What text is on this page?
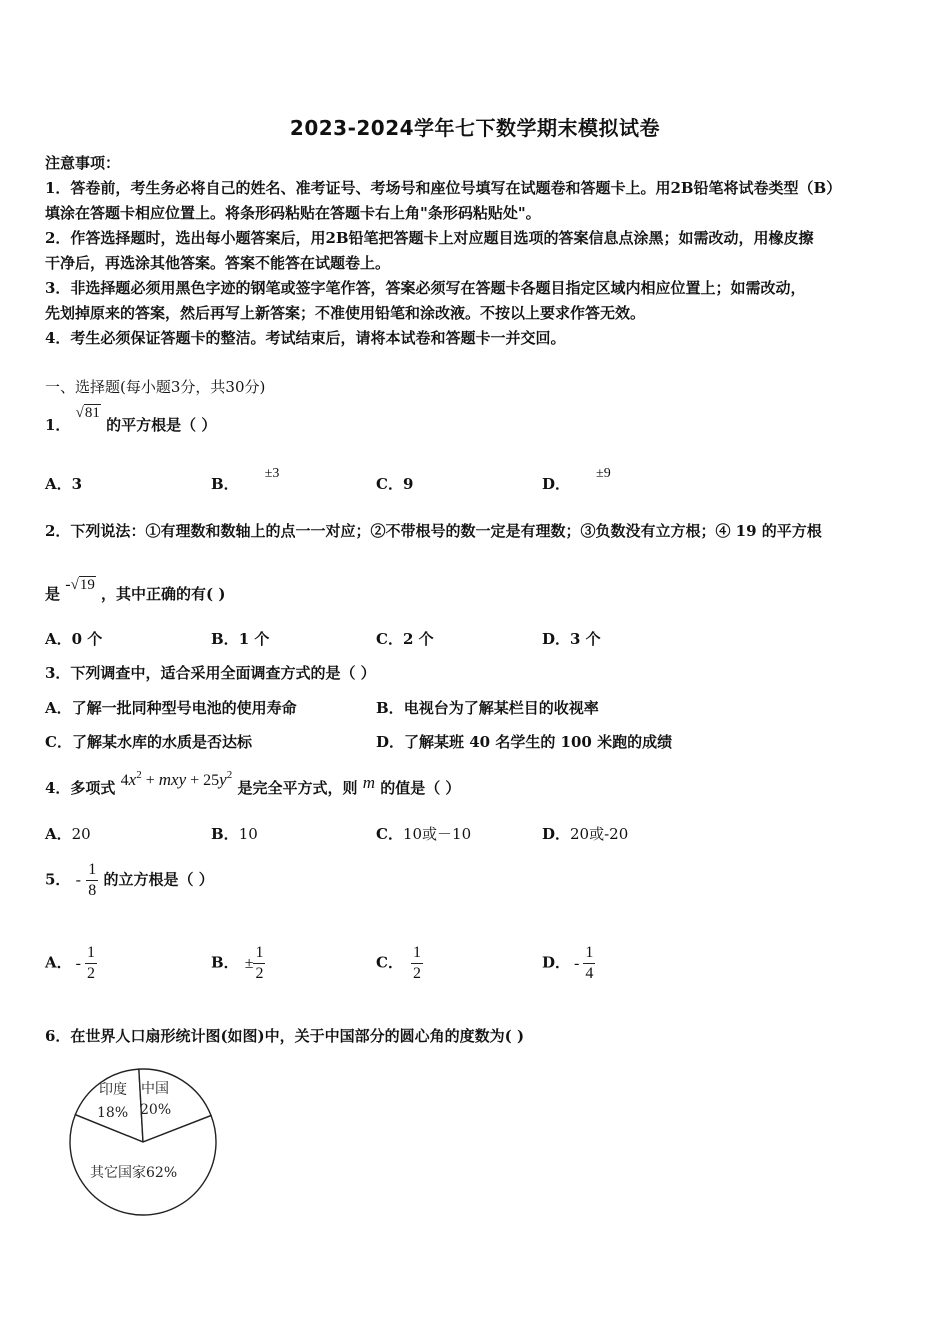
2023-2024学年七下数学期末模拟试卷
注意事项：
1．答卷前，考生务必将自己的姓名、准考证号、考场号和座位号填写在试题卷和答题卡上。用2B铅笔将试卷类型（B）
填涂在答题卡相应位置上。将条形码粘贴在答题卡右上角"条形码粘贴处"。
2．作答选择题时，选出每小题答案后，用2B铅笔把答题卡上对应题目选项的答案信息点涂黑；如需改动，用橡皮擦
干净后，再选涂其他答案。答案不能答在试题卷上。
3．非选择题必须用黑色字迹的钢笔或签字笔作答，答案必须写在答题卡各题目指定区域内相应位置上；如需改动，
先划掉原来的答案，然后再写上新答案；不准使用铅笔和涂改液。不按以上要求作答无效。
4．考生必须保证答题卡的整洁。考试结束后，请将本试卷和答题卡一并交回。
一、选择题(每小题3分，共30分)
1． √81 的平方根是（ ）
A．3	B．±3
C．9	D．±9
2．下列说法：①有理数和数轴上的点一一对应；②不带根号的数一定是有理数；③负数没有立方根；④ 19 的平方根
是 -√19 ，其中正确的有( )
A．0 个	B．1 个	C．2 个	D．3 个
3．下列调查中，适合采用全面调查方式的是（ ）
A．了解一批同种型号电池的使用寿命	B．电视台为了解某栏目的收视率
C．了解某水库的水质是否达标	D．了解某班 40 名学生的 100 米跑的成绩
4．多项式 $4x^2$ + mxy + $25y^2$ 是完全平方式，则 m 的值是（ ）
A．20	B．10	C．10或－10	D．20或-20
5． - $\frac{1}{8}$ 的立方根是（ ）
A． - $\frac{1}{2}$	B． ± $\frac{1}{2}$	C． $\frac{1}{2}$	D． - $\frac{1}{4}$
6．在世界人口扇形统计图(如图)中，关于中国部分的圆心角的度数为( )
印度
18%
中国
20%
其它国家62%
